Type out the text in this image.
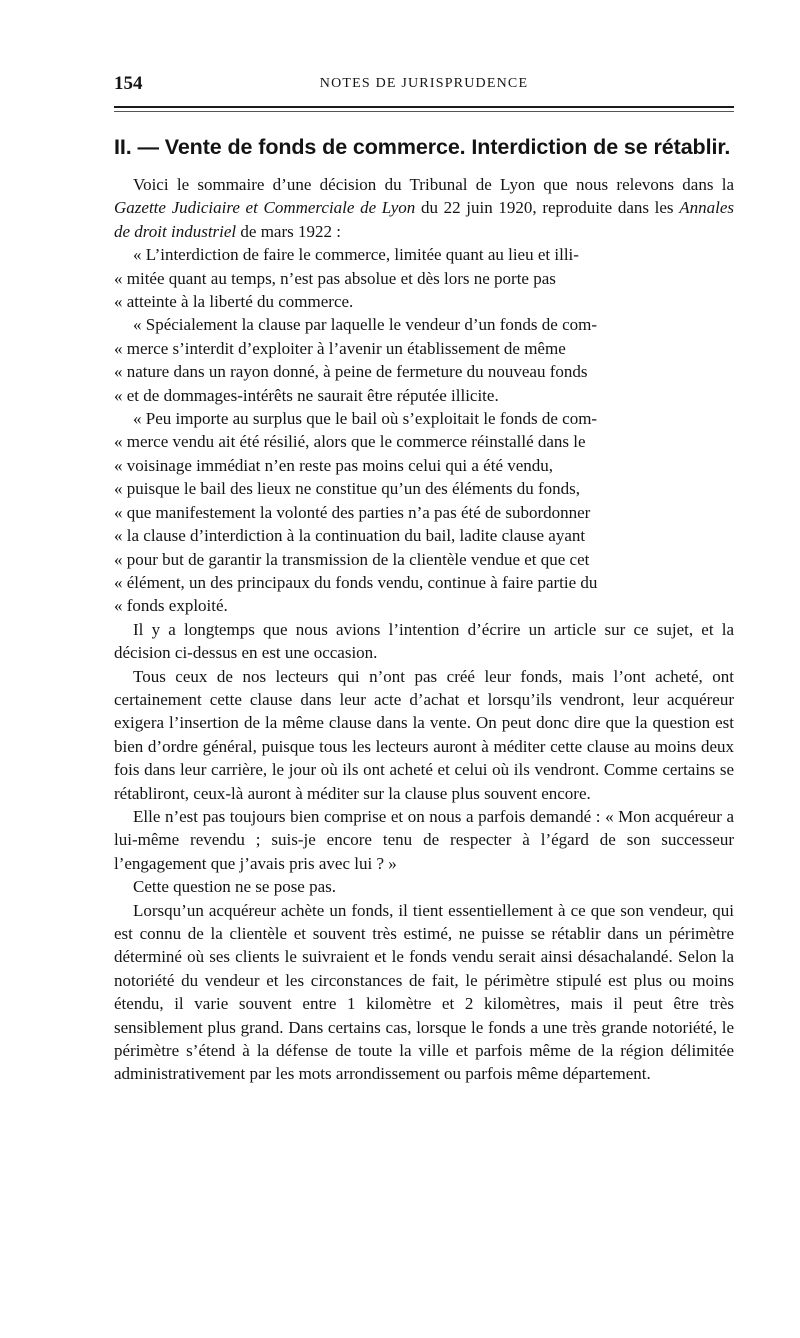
154	NOTES DE JURISPRUDENCE
II. — Vente de fonds de commerce. Interdiction de se rétablir.

Voici le sommaire d’une décision du Tribunal de Lyon que nous relevons dans la Gazette Judiciaire et Commerciale de Lyon du 22 juin 1920, reproduite dans les Annales de droit industriel de mars 1922 :

« L’interdiction de faire le commerce, limitée quant au lieu et illi-
« mitée quant au temps, n’est pas absolue et dès lors ne porte pas
« atteinte à la liberté du commerce.
« Spécialement la clause par laquelle le vendeur d’un fonds de com-
« merce s’interdit d’exploiter à l’avenir un établissement de même
« nature dans un rayon donné, à peine de fermeture du nouveau fonds
« et de dommages-intérêts ne saurait être réputée illicite.
« Peu importe au surplus que le bail où s’exploitait le fonds de com-
« merce vendu ait été résilié, alors que le commerce réinstallé dans le
« voisinage immédiat n’en reste pas moins celui qui a été vendu,
« puisque le bail des lieux ne constitue qu’un des éléments du fonds,
« que manifestement la volonté des parties n’a pas été de subordonner
« la clause d’interdiction à la continuation du bail, ladite clause ayant
« pour but de garantir la transmission de la clientèle vendue et que cet
« élément, un des principaux du fonds vendu, continue à faire partie du
« fonds exploité.

Il y a longtemps que nous avions l’intention d’écrire un article sur ce sujet, et la décision ci-dessus en est une occasion.

Tous ceux de nos lecteurs qui n’ont pas créé leur fonds, mais l’ont acheté, ont certainement cette clause dans leur acte d’achat et lorsqu’ils vendront, leur acquéreur exigera l’insertion de la même clause dans la vente. On peut donc dire que la question est bien d’ordre général, puisque tous les lecteurs auront à méditer cette clause au moins deux fois dans leur carrière, le jour où ils ont acheté et celui où ils vendront. Comme certains se rétabliront, ceux-là auront à méditer sur la clause plus souvent encore.

Elle n’est pas toujours bien comprise et on nous a parfois demandé : « Mon acquéreur a lui-même revendu ; suis-je encore tenu de respecter à l’égard de son successeur l’engagement que j’avais pris avec lui ? »

Cette question ne se pose pas.

Lorsqu’un acquéreur achète un fonds, il tient essentiellement à ce que son vendeur, qui est connu de la clientèle et souvent très estimé, ne puisse se rétablir dans un périmètre déterminé où ses clients le suivraient et le fonds vendu serait ainsi désachalandé. Selon la notoriété du vendeur et les circonstances de fait, le périmètre stipulé est plus ou moins étendu, il varie souvent entre 1 kilomètre et 2 kilomètres, mais il peut être très sensiblement plus grand. Dans certains cas, lorsque le fonds a une très grande notoriété, le périmètre s’étend à la défense de toute la ville et parfois même de la région délimitée administrativement par les mots arrondissement ou parfois même département.
